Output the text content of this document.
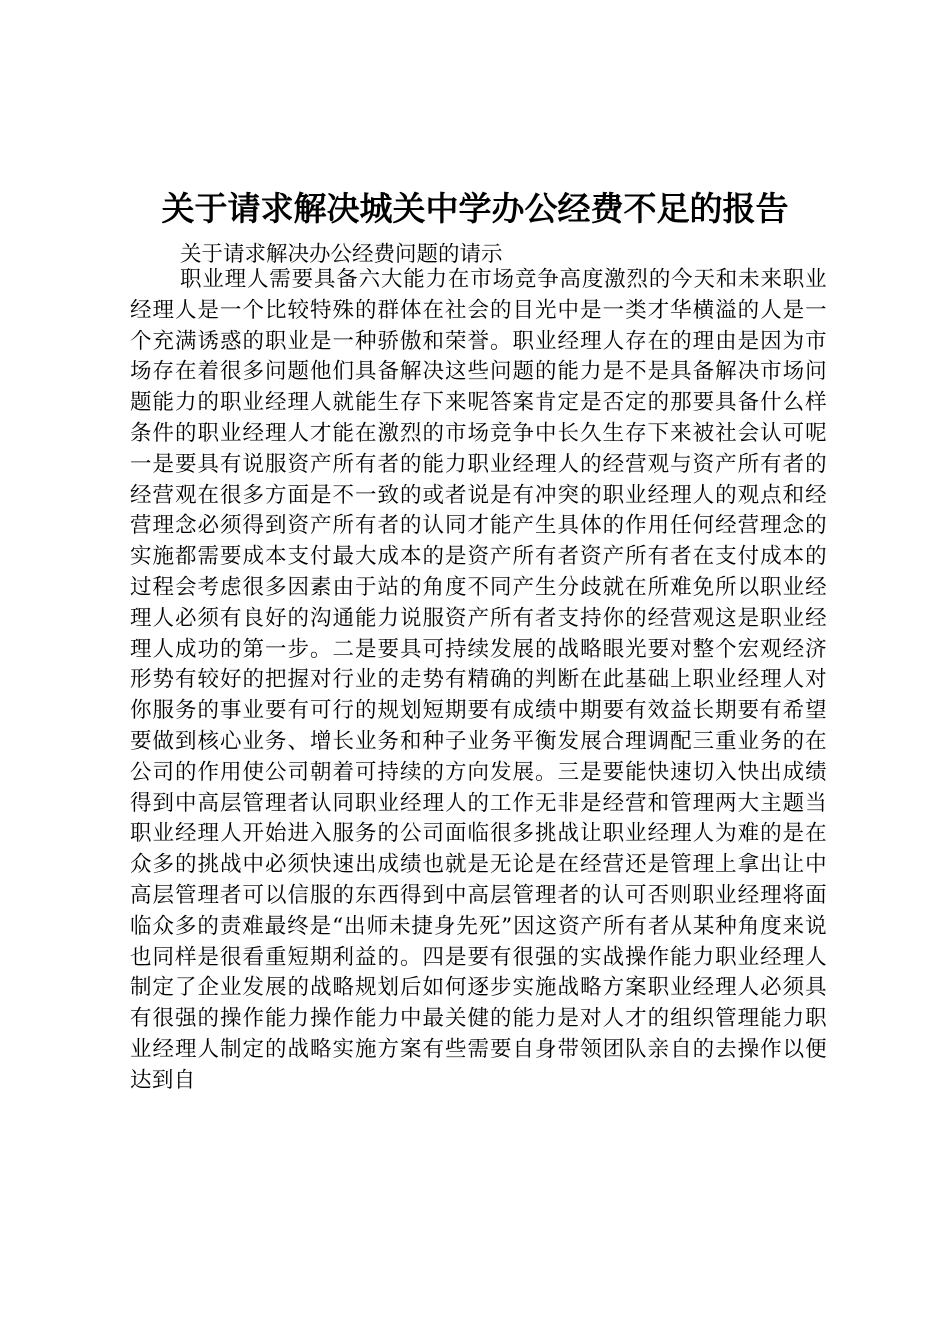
关于请求解决城关中学办公经费不足的报告

关于请求解决办公经费问题的请示

职业理人需要具备六大能力在市场竞争高度激烈的今天和未来职业经理人是一个比较特殊的群体在社会的目光中是一类才华横溢的人是一个充满诱惑的职业是一种骄傲和荣誉。职业经理人存在的理由是因为市场存在着很多问题他们具备解决这些问题的能力是不是具备解决市场问题能力的职业经理人就能生存下来呢答案肯定是否定的那要具备什么样条件的职业经理人才能在激烈的市场竞争中长久生存下来被社会认可呢一是要具有说服资产所有者的能力职业经理人的经营观与资产所有者的经营观在很多方面是不一致的或者说是有冲突的职业经理人的观点和经营理念必须得到资产所有者的认同才能产生具体的作用任何经营理念的实施都需要成本支付最大成本的是资产所有者资产所有者在支付成本的过程会考虑很多因素由于站的角度不同产生分歧就在所难免所以职业经理人必须有良好的沟通能力说服资产所有者支持你的经营观这是职业经理人成功的第一步。二是要具可持续发展的战略眼光要对整个宏观经济形势有较好的把握对行业的走势有精确的判断在此基础上职业经理人对你服务的事业要有可行的规划短期要有成绩中期要有效益长期要有希望要做到核心业务、增长业务和种子业务平衡发展合理调配三重业务的在公司的作用使公司朝着可持续的方向发展。三是要能快速切入快出成绩得到中高层管理者认同职业经理人的工作无非是经营和管理两大主题当职业经理人开始进入服务的公司面临很多挑战让职业经理人为难的是在众多的挑战中必须快速出成绩也就是无论是在经营还是管理上拿出让中高层管理者可以信服的东西得到中高层管理者的认可否则职业经理将面临众多的责难最终是“出师未捷身先死”因这资产所有者从某种角度来说也同样是很看重短期利益的。四是要有很强的实战操作能力职业经理人制定了企业发展的战略规划后如何逐步实施战略方案职业经理人必须具有很强的操作能力操作能力中最关健的能力是对人才的组织管理能力职业经理人制定的战略实施方案有些需要自身带领团队亲自的去操作以便达到自
